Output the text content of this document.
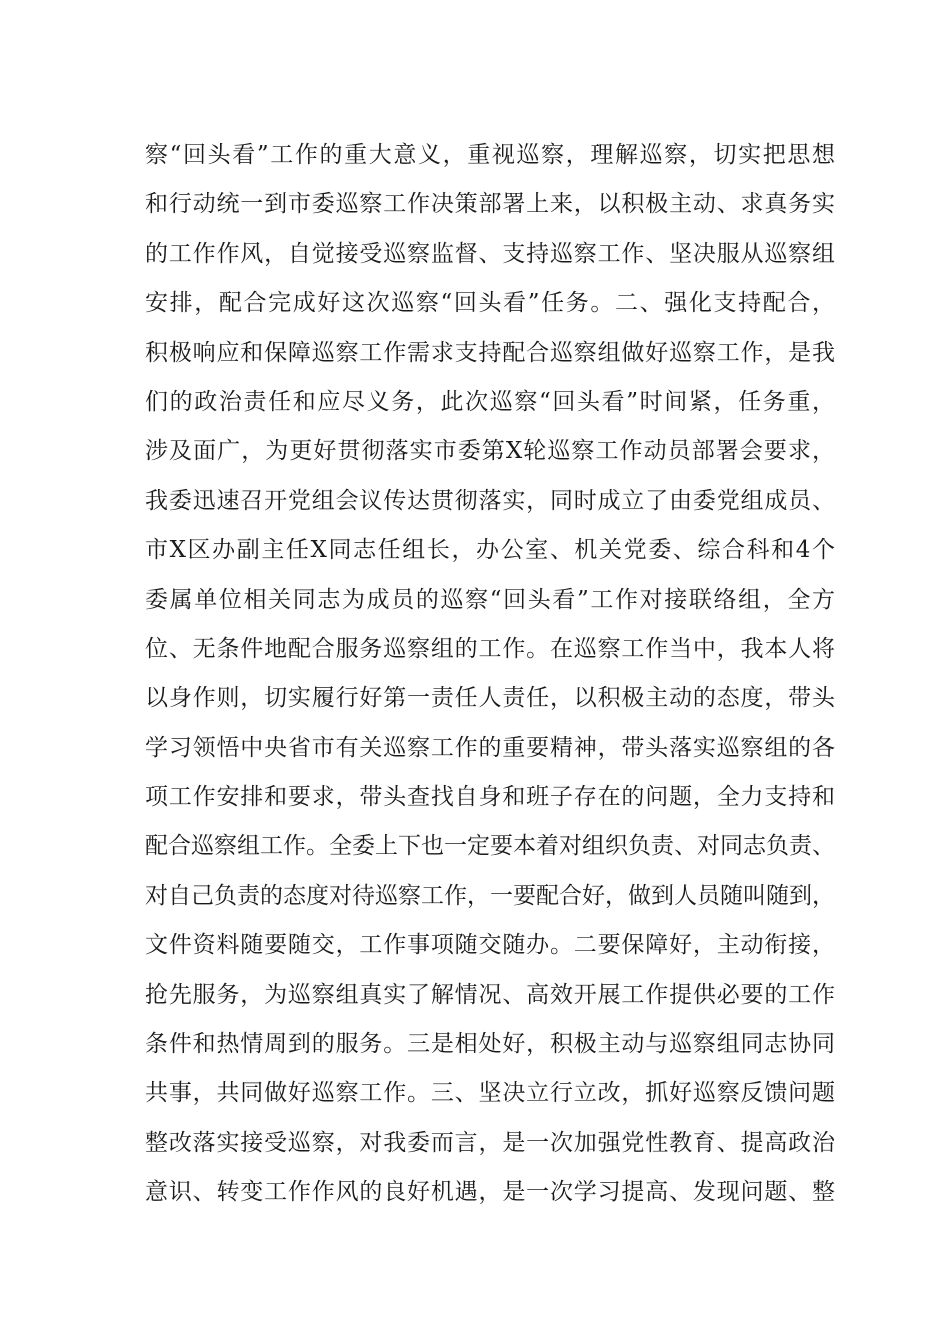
察“回头看”工作的重大意义，重视巡察，理解巡察，切实把思想
和行动统一到市委巡察工作决策部署上来，以积极主动、求真务实
的工作作风，自觉接受巡察监督、支持巡察工作、坚决服从巡察组
安排，配合完成好这次巡察“回头看”任务。二、强化支持配合，
积极响应和保障巡察工作需求支持配合巡察组做好巡察工作，是我
们的政治责任和应尽义务，此次巡察“回头看”时间紧，任务重，
涉及面广，为更好贯彻落实市委第X轮巡察工作动员部署会要求，
我委迅速召开党组会议传达贯彻落实，同时成立了由委党组成员、
市X区办副主任X同志任组长，办公室、机关党委、综合科和4个
委属单位相关同志为成员的巡察“回头看”工作对接联络组，全方
位、无条件地配合服务巡察组的工作。在巡察工作当中，我本人将
以身作则，切实履行好第一责任人责任，以积极主动的态度，带头
学习领悟中央省市有关巡察工作的重要精神，带头落实巡察组的各
项工作安排和要求，带头查找自身和班子存在的问题，全力支持和
配合巡察组工作。全委上下也一定要本着对组织负责、对同志负责、
对自己负责的态度对待巡察工作，一要配合好，做到人员随叫随到，
文件资料随要随交，工作事项随交随办。二要保障好，主动衔接，
抢先服务，为巡察组真实了解情况、高效开展工作提供必要的工作
条件和热情周到的服务。三是相处好，积极主动与巡察组同志协同
共事，共同做好巡察工作。三、坚决立行立改，抓好巡察反馈问题
整改落实接受巡察，对我委而言，是一次加强党性教育、提高政治
意识、转变工作作风的良好机遇，是一次学习提高、发现问题、整
